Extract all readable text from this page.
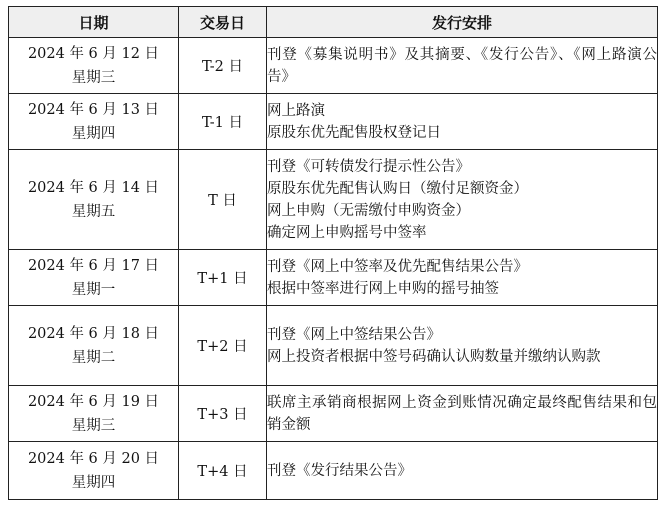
日期	交易日	发行安排

2024 年 6 月 12 日
星期三	T-2 日	刊登《募集说明书》及其摘要、《发行公告》、《网上路演公告》

2024 年 6 月 13 日
星期四	T-1 日	网上路演
原股东优先配售股权登记日

2024 年 6 月 14 日
星期五	T 日	刊登《可转债发行提示性公告》
原股东优先配售认购日（缴付足额资金）
网上申购（无需缴付申购资金）
确定网上申购摇号中签率

2024 年 6 月 17 日
星期一	T+1 日	刊登《网上中签率及优先配售结果公告》
根据中签率进行网上申购的摇号抽签

2024 年 6 月 18 日
星期二	T+2 日	刊登《网上中签结果公告》
网上投资者根据中签号码确认认购数量并缴纳认购款

2024 年 6 月 19 日
星期三	T+3 日	联席主承销商根据网上资金到账情况确定最终配售结果和包销金额

2024 年 6 月 20 日
星期四	T+4 日	刊登《发行结果公告》
